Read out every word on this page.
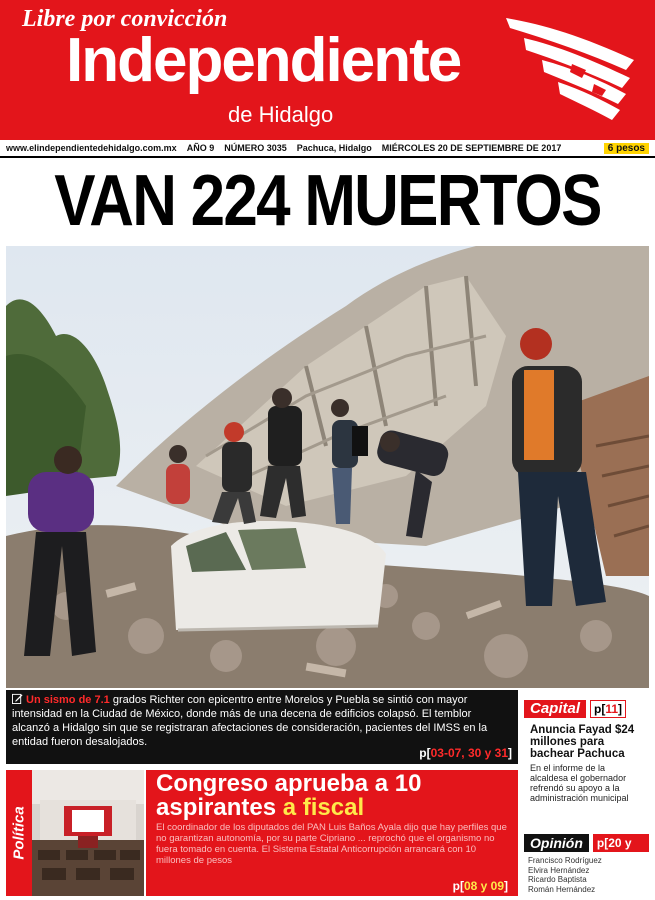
Libre por convicción
Independiente
de Hidalgo
www.elindependientedehidalgo.com.mx AÑO 9 NÚMERO 3035 Pachuca, Hidalgo MIÉRCOLES 20 DE SEPTIEMBRE DE 2017	6 pesos
VAN 224 MUERTOS
Un sismo de 7.1 grados Richter con epicentro entre Morelos y Puebla se sintió con mayor intensidad en la Ciudad de México, donde más de una decena de edificios colapsó. El temblor alcanzó a Hidalgo sin que se registraran afectaciones de consideración, pacientes del IMSS en la entidad fueron desalojados.
p[03-07, 30 y 31]
Capital	p[11]
Anuncia Fayad $24 millones para bachear Pachuca
En el informe de la alcaldesa el gobernador refrendó su apoyo a la administración municipal
Opinión	p[20 y 21]
Francisco Rodríguez
Elvira Hernández
Ricardo Baptista
Román Hernández
Política
Congreso aprueba a 10 aspirantes a fiscal

El coordinador de los diputados del PAN Luis Baños Ayala dijo que hay perfiles que no garantizan autonomía, por su parte Cipriano ... reprochó que el organismo no fuera tomado en cuenta. El Sistema Estatal Anticorrupción arrancará con 10 millones de pesos

p[08 y 09]
